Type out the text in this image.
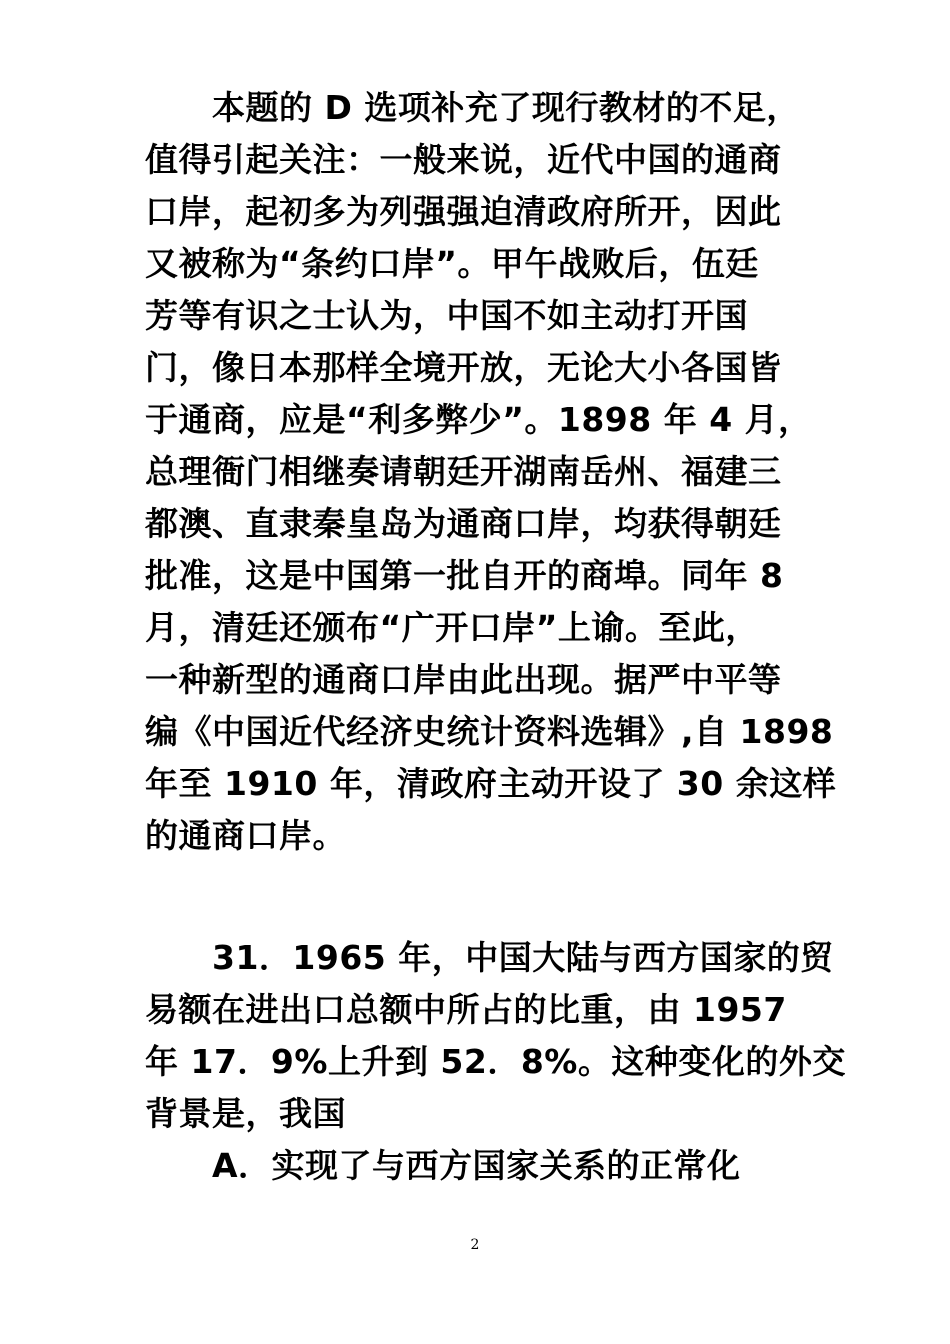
本题的 D 选项补充了现行教材的不足，
值得引起关注：一般来说，近代中国的通商
口岸，起初多为列强强迫清政府所开，因此
又被称为“条约口岸”。甲午战败后，伍廷
芳等有识之士认为，中国不如主动打开国
门，像日本那样全境开放，无论大小各国皆
于通商，应是“利多弊少”。1898 年 4 月，
总理衙门相继奏请朝廷开湖南岳州、福建三
都澳、直隶秦皇岛为通商口岸，均获得朝廷
批准，这是中国第一批自开的商埠。同年 8
月，清廷还颁布“广开口岸”上谕。至此，
一种新型的通商口岸由此出现。据严中平等
编《中国近代经济史统计资料选辑》,自 1898
年至 1910 年，清政府主动开设了 30 余这样
的通商口岸。
31．1965 年，中国大陆与西方国家的贸
易额在进出口总额中所占的比重，由 1957
年 17．9%上升到 52．8%。这种变化的外交
背景是，我国
A．实现了与西方国家关系的正常化
2
